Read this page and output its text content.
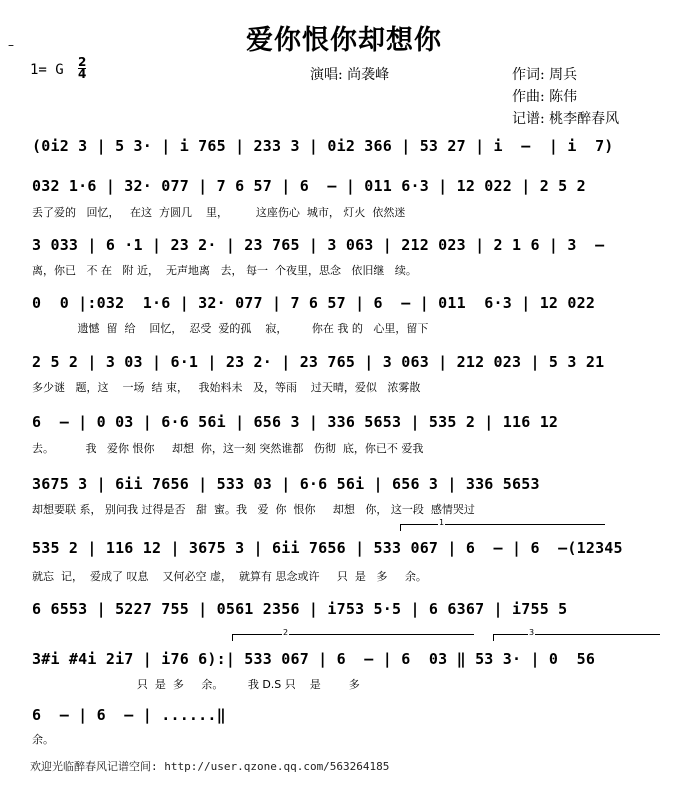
–	爱你恨你却想你
1= G 2
4	演唱: 尚袭峰	作词: 周兵
作曲: 陈伟
记谱: 桃李醉春风
(0i2 3 | 5 3· | i 765 | 233 3 | 0i2 366 | 53 27 | i  –  | i  7)
032 1·6 | 32· 077 | 7 6 57 | 6  – | 011 6·3 | 12 022 | 2 5 2
丢了爱的   回忆，   在这  方圆几    里，        这座伤心  城市， 灯火  依然迷
3 033 | 6 ·1 | 23 2· | 23 765 | 3 063 | 212 023 | 2 1 6 | 3  –
离，你已   不 在   附 近，  无声地离   去， 每一  个夜里，思念   依旧继   续。
0  0 |:032  1·6 | 32· 077 | 7 6 57 | 6  – | 011  6·3 | 12 022
遗憾  留  给    回忆，  忍受  爱的孤    寂，       你在 我 的   心里，留下
2 5 2 | 3 03 | 6·1 | 23 2· | 23 765 | 3 063 | 212 023 | 5 3 21
多少谜   题，这    一场  结 束，   我始料未   及，等雨    过天晴，爱似   浓雾散
6  – | 0 03 | 6·6 56i | 656 3 | 336 5653 | 535 2 | 116 12
去。         我   爱你 恨你     却想  你，这一刻 突然谁都   伤彻  底，你已不 爱我
3675 3 | 6ii 7656 | 533 03 | 6·6 56i | 656 3 | 336 5653
却想要联 系， 别问我 过得是否   甜  蜜。我   爱  你  恨你     却想   你， 这一段  感情哭过
1
535 2 | 116 12 | 3675 3 | 6ii 7656 | 533 067 | 6  – | 6  –(12345
就忘  记，  爱成了 叹息    又何必空 虚，  就算有 思念或许     只  是   多     余。
6 6553 | 5227 755 | 0561 2356 | i753 5·5 | 6 6367 | i755 5
2	3
3#i #4i 2i7 | i76 6):| 533 067 | 6  – | 6  03 ‖ 53 3· | 0  56
只  是  多     余。       我 D.S 只    是        多
6  – | 6  – | ......‖
余。
欢迎光临醉春风记谱空间: http://user.qzone.qq.com/563264185
